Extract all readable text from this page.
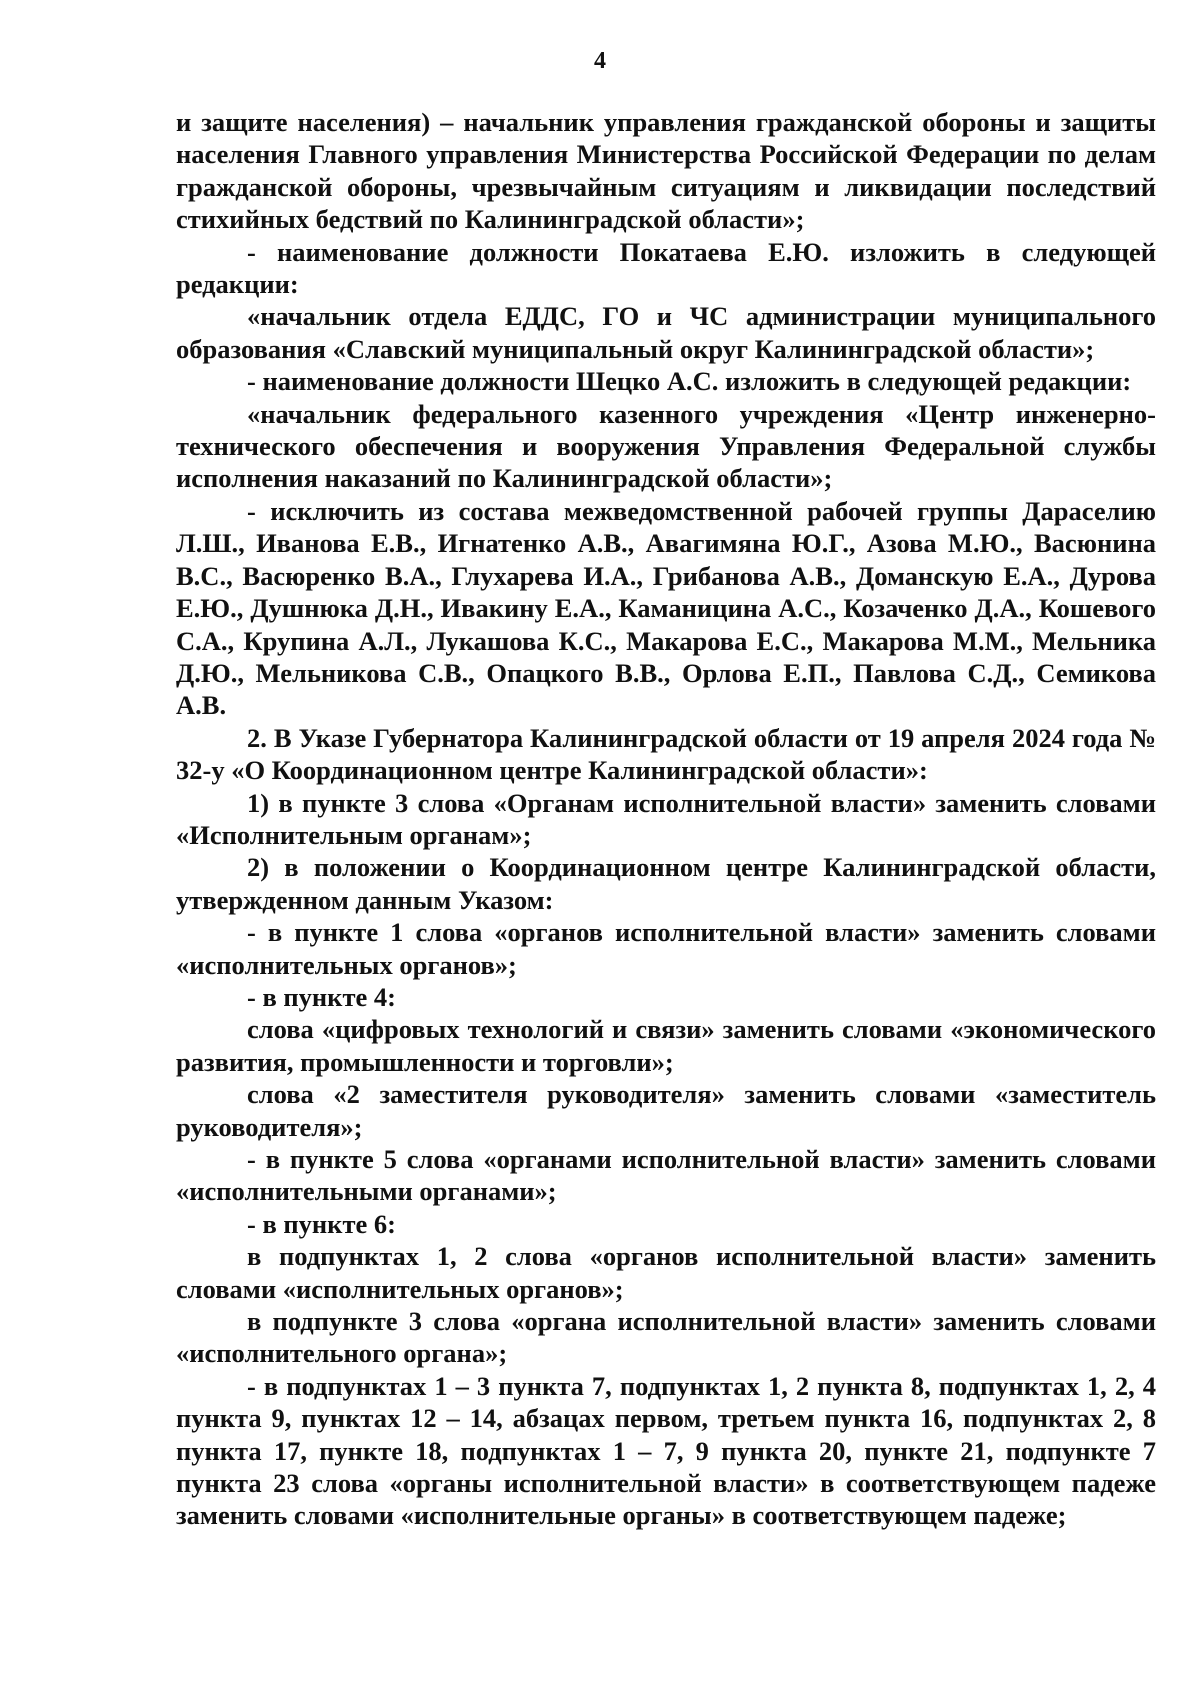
4

и защите населения) – начальник управления гражданской обороны и защиты населения Главного управления Министерства Российской Федерации по делам гражданской обороны, чрезвычайным ситуациям и ликвидации последствий стихийных бедствий по Калининградской области»;

- наименование должности Покатаева Е.Ю. изложить в следующей редакции:

«начальник отдела ЕДДС, ГО и ЧС администрации муниципального образования «Славский муниципальный округ Калининградской области»;

- наименование должности Шецко А.С. изложить в следующей редакции:

«начальник федерального казенного учреждения «Центр инженерно-технического обеспечения и вооружения Управления Федеральной службы исполнения наказаний по Калининградской области»;

- исключить из состава межведомственной рабочей группы Дараселию Л.Ш., Иванова Е.В., Игнатенко А.В., Авагимяна Ю.Г., Азова М.Ю., Васюнина В.С., Васюренко В.А., Глухарева И.А., Грибанова А.В., Доманскую Е.А., Дурова Е.Ю., Душнюка Д.Н., Ивакину Е.А., Каманицина А.С., Козаченко Д.А., Кошевого С.А., Крупина А.Л., Лукашова К.С., Макарова Е.С., Макарова М.М., Мельника Д.Ю., Мельникова С.В., Опацкого В.В., Орлова Е.П., Павлова С.Д., Семикова А.В.

2. В Указе Губернатора Калининградской области от 19 апреля 2024 года № 32-у «О Координационном центре Калининградской области»:

1) в пункте 3 слова «Органам исполнительной власти» заменить словами «Исполнительным органам»;

2) в положении о Координационном центре Калининградской области, утвержденном данным Указом:

- в пункте 1 слова «органов исполнительной власти» заменить словами «исполнительных органов»;

- в пункте 4:

слова «цифровых технологий и связи» заменить словами «экономического развития, промышленности и торговли»;

слова «2 заместителя руководителя» заменить словами «заместитель руководителя»;

- в пункте 5 слова «органами исполнительной власти» заменить словами «исполнительными органами»;

- в пункте 6:

в подпунктах 1, 2 слова «органов исполнительной власти» заменить словами «исполнительных органов»;

в подпункте 3 слова «органа исполнительной власти» заменить словами «исполнительного органа»;

- в подпунктах 1 – 3 пункта 7, подпунктах 1, 2 пункта 8, подпунктах 1, 2, 4 пункта 9, пунктах 12 – 14, абзацах первом, третьем пункта 16, подпунктах 2, 8 пункта 17, пункте 18, подпунктах 1 – 7, 9 пункта 20, пункте 21, подпункте 7 пункта 23 слова «органы исполнительной власти» в соответствующем падеже заменить словами «исполнительные органы» в соответствующем падеже;
